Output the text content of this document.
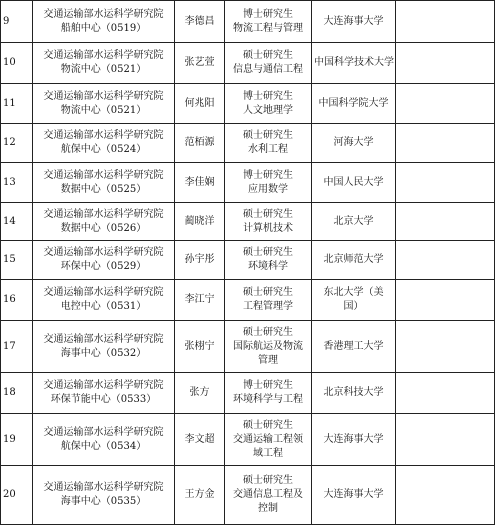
9	交通运输部水运科学研究院
船舶中心（0519）	李德昌	博士研究生
物流工程与管理	大连海事大学	

10	交通运输部水运科学研究院
物流中心（0521）	张艺萱	硕士研究生
信息与通信工程	中国科学技术大学	

11	交通运输部水运科学研究院
物流中心（0521）	何兆阳	博士研究生
人文地理学	中国科学院大学	

12	交通运输部水运科学研究院
航保中心（0524）	范栢源	硕士研究生
水利工程	河海大学	

13	交通运输部水运科学研究院
数据中心（0525）	李佳娴	博士研究生
应用数学	中国人民大学	

14	交通运输部水运科学研究院
数据中心（0526）	蔺晓洋	硕士研究生
计算机技术	北京大学	

15	交通运输部水运科学研究院
环保中心（0529）	孙宇彤	硕士研究生
环境科学	北京师范大学	

16	交通运输部水运科学研究院
电控中心（0531）	李江宁	硕士研究生
工程管理学	东北大学（美
国）	

17	交通运输部水运科学研究院
海事中心（0532）	张栩宁	硕士研究生
国际航运及物流
管理	香港理工大学	

18	交通运输部水运科学研究院
环保节能中心（0533）	张方	博士研究生
环境科学与工程	北京科技大学	

19	交通运输部水运科学研究院
航保中心（0534）	李文超	硕士研究生
交通运输工程领
域工程	大连海事大学	

20	交通运输部水运科学研究院
海事中心（0535）	王方金	硕士研究生
交通信息工程及
控制	大连海事大学	
